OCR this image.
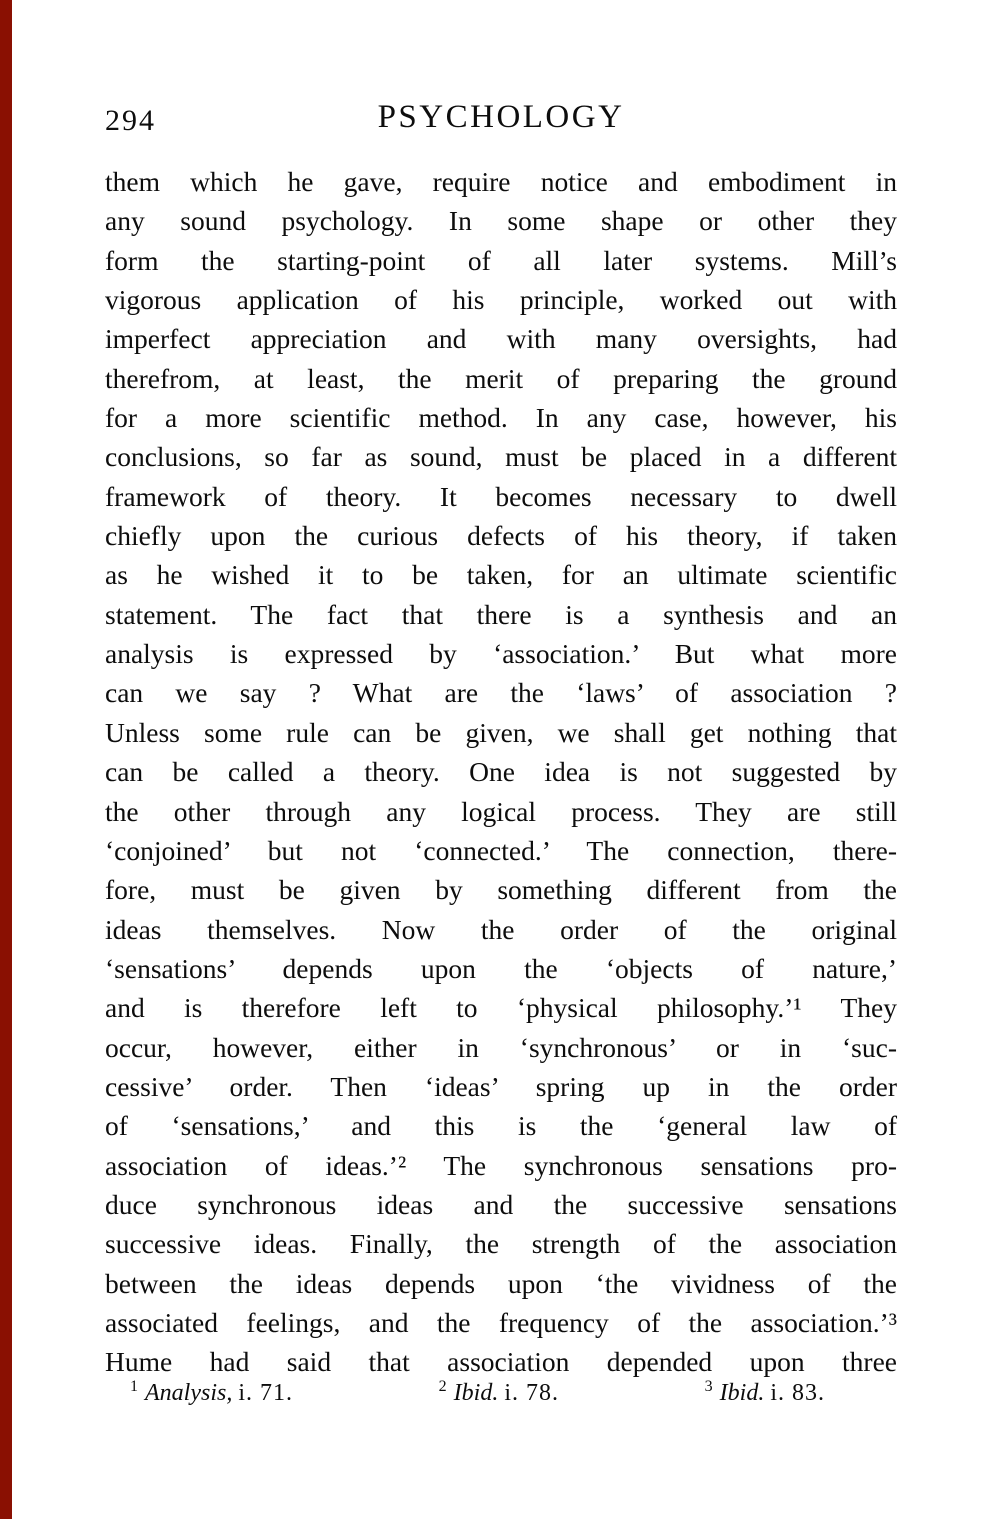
294	PSYCHOLOGY
them which he gave, require notice and embodiment in
any sound psychology. In some shape or other they
form the starting-point of all later systems. Mill’s
vigorous application of his principle, worked out with
imperfect appreciation and with many oversights, had
therefrom, at least, the merit of preparing the ground
for a more scientific method. In any case, however, his
conclusions, so far as sound, must be placed in a different
framework of theory. It becomes necessary to dwell
chiefly upon the curious defects of his theory, if taken
as he wished it to be taken, for an ultimate scientific
statement. The fact that there is a synthesis and an
analysis is expressed by ‘association.’ But what more
can we say ? What are the ‘laws’ of association ?
Unless some rule can be given, we shall get nothing that
can be called a theory. One idea is not suggested by
the other through any logical process. They are still
‘conjoined’ but not ‘connected.’ The connection, there-
fore, must be given by something different from the
ideas themselves. Now the order of the original
‘sensations’ depends upon the ‘objects of nature,’
and is therefore left to ‘physical philosophy.’¹ They
occur, however, either in ‘synchronous’ or in ‘suc-
cessive’ order. Then ‘ideas’ spring up in the order
of ‘sensations,’ and this is the ‘general law of
association of ideas.’² The synchronous sensations pro-
duce synchronous ideas and the successive sensations
successive ideas. Finally, the strength of the association
between the ideas depends upon ‘the vividness of the
associated feelings, and the frequency of the association.’³
Hume had said that association depended upon three
$^1$ Analysis, i. 71.	$^2$ Ibid. i. 78.	$^3$ Ibid. i. 83.
